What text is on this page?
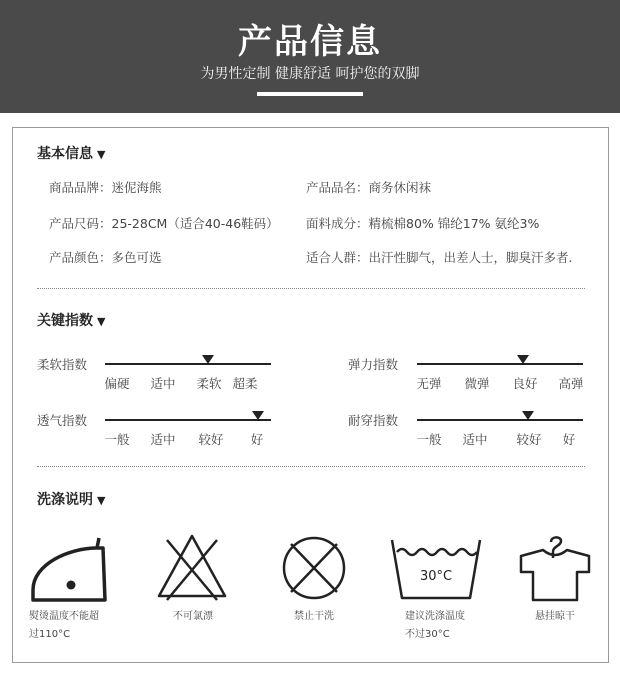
产品信息
为男性定制 健康舒适 呵护您的双脚
基本信息 ▼
商品品牌：迷伲海熊	产品品名：商务休闲袜
产品尺码：25-28CM（适合40-46鞋码） 面料成分：精梳棉80% 锦纶17% 氨纶3%
产品颜色：多色可选	适合人群：出汗性脚气，出差人士，脚臭汗多者.
关键指数 ▼
洗涤说明 ▼
熨烫温度不能超
过110°C
不可氯漂	禁止干洗
30°C
建议洗涤温度
不过30°C
悬挂晾干
柔软指数
偏硬 适中 柔软 超柔
弹力指数
无弹 微弹 良好 高弹
透气指数
一般 适中 较好 好
耐穿指数
一般 适中 较好 好
